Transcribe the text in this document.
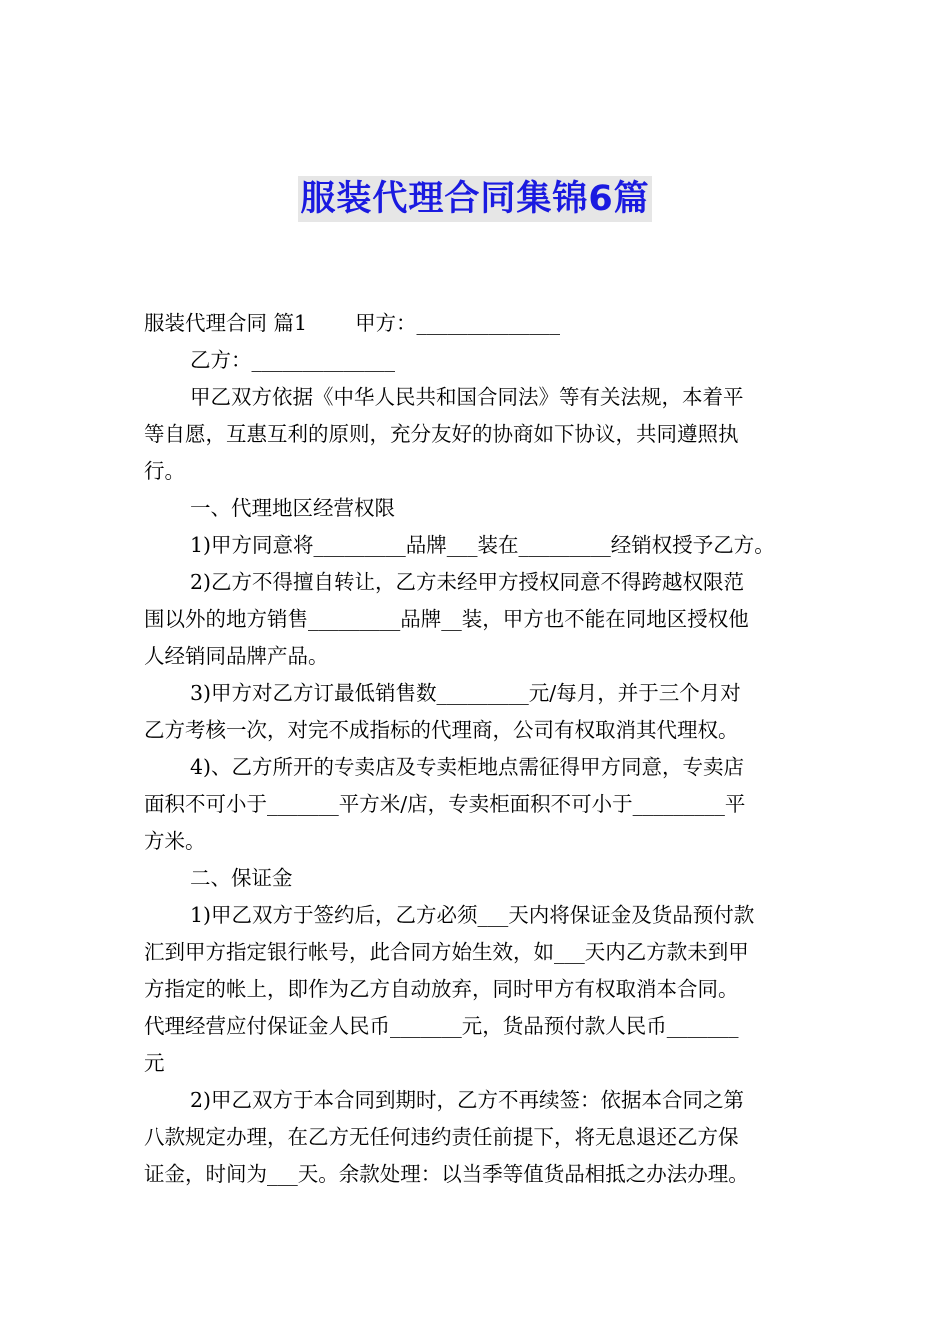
服装代理合同集锦6篇
服装代理合同 篇1 甲方：______________
乙方：______________
甲乙双方依据《中华人民共和国合同法》等有关法规，本着平
等自愿，互惠互利的原则，充分友好的协商如下协议，共同遵照执
行。
一、代理地区经营权限
1)甲方同意将_________品牌___装在_________经销权授予乙方。
2)乙方不得擅自转让，乙方未经甲方授权同意不得跨越权限范
围以外的地方销售_________品牌__装，甲方也不能在同地区授权他
人经销同品牌产品。
3)甲方对乙方订最低销售数_________元/每月，并于三个月对
乙方考核一次，对完不成指标的代理商，公司有权取消其代理权。
4)、乙方所开的专卖店及专卖柜地点需征得甲方同意，专卖店
面积不可小于_______平方米/店，专卖柜面积不可小于_________平
方米。
二、保证金
1)甲乙双方于签约后，乙方必须___天内将保证金及货品预付款
汇到甲方指定银行帐号，此合同方始生效，如___天内乙方款未到甲
方指定的帐上，即作为乙方自动放弃，同时甲方有权取消本合同。
代理经营应付保证金人民币_______元，货品预付款人民币_______
元
2)甲乙双方于本合同到期时，乙方不再续签：依据本合同之第
八款规定办理，在乙方无任何违约责任前提下，将无息退还乙方保
证金，时间为___天。余款处理：以当季等值货品相抵之办法办理。
